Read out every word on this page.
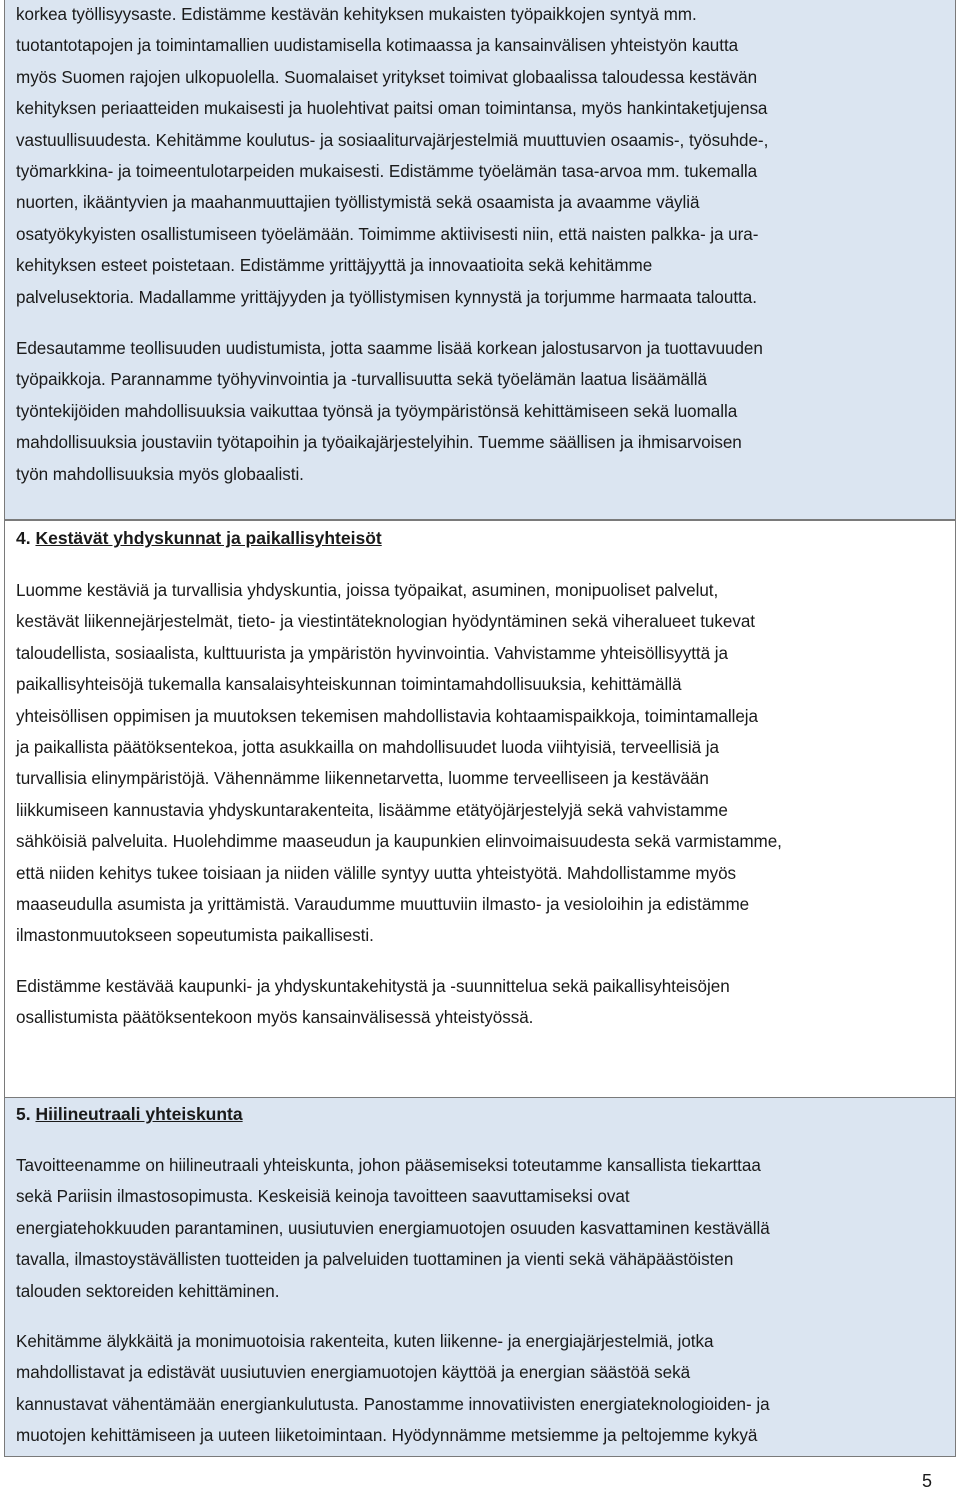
korkea työllisyysaste. Edistämme kestävän kehityksen mukaisten työpaikkojen syntyä mm.
tuotantotapojen ja toimintamallien uudistamisella kotimaassa ja kansainvälisen yhteistyön kautta
myös Suomen rajojen ulkopuolella. Suomalaiset yritykset toimivat globaalissa taloudessa kestävän
kehityksen periaatteiden mukaisesti ja huolehtivat paitsi oman toimintansa, myös hankintaketjujensa
vastuullisuudesta. Kehitämme koulutus- ja sosiaaliturvajärjestelmiä muuttuvien osaamis-, työsuhde-,
työmarkkina- ja toimeentulotarpeiden mukaisesti. Edistämme työelämän tasa-arvoa mm. tukemalla
nuorten, ikääntyvien ja maahanmuuttajien työllistymistä sekä osaamista ja avaamme väyliä
osatyökykyisten osallistumiseen työelämään. Toimimme aktiivisesti niin, että naisten palkka- ja ura-
kehityksen esteet poistetaan. Edistämme yrittäjyyttä ja innovaatioita sekä kehitämme
palvelusektoria. Madallamme yrittäjyyden ja työllistymisen kynnystä ja torjumme harmaata taloutta.

Edesautamme teollisuuden uudistumista, jotta saamme lisää korkean jalostusarvon ja tuottavuuden
työpaikkoja. Parannamme työhyvinvointia ja -turvallisuutta sekä työelämän laatua lisäämällä
työntekijöiden mahdollisuuksia vaikuttaa työnsä ja työympäristönsä kehittämiseen sekä luomalla
mahdollisuuksia joustaviin työtapoihin ja työaikajärjestelyihin. Tuemme säällisen ja ihmisarvoisen
työn mahdollisuuksia myös globaalisti.

4. Kestävät yhdyskunnat ja paikallisyhteisöt

Luomme kestäviä ja turvallisia yhdyskuntia, joissa työpaikat, asuminen, monipuoliset palvelut,
kestävät liikennejärjestelmät, tieto- ja viestintäteknologian hyödyntäminen sekä viheralueet tukevat
taloudellista, sosiaalista, kulttuurista ja ympäristön hyvinvointia. Vahvistamme yhteisöllisyyttä ja
paikallisyhteisöjä tukemalla kansalaisyhteiskunnan toimintamahdollisuuksia, kehittämällä
yhteisöllisen oppimisen ja muutoksen tekemisen mahdollistavia kohtaamispaikkoja, toimintamalleja
ja paikallista päätöksentekoa, jotta asukkailla on mahdollisuudet luoda viihtyisiä, terveellisiä ja
turvallisia elinympäristöjä. Vähennämme liikennetarvetta, luomme terveelliseen ja kestävään
liikkumiseen kannustavia yhdyskuntarakenteita, lisäämme etätyöjärjestelyjä sekä vahvistamme
sähköisiä palveluita. Huolehdimme maaseudun ja kaupunkien elinvoimaisuudesta sekä varmistamme,
että niiden kehitys tukee toisiaan ja niiden välille syntyy uutta yhteistyötä. Mahdollistamme myös
maaseudulla asumista ja yrittämistä. Varaudumme muuttuviin ilmasto- ja vesioloihin ja edistämme
ilmastonmuutokseen sopeutumista paikallisesti.

Edistämme kestävää kaupunki- ja yhdyskuntakehitystä ja -suunnittelua sekä paikallisyhteisöjen
osallistumista päätöksentekoon myös kansainvälisessä yhteistyössä.

5. Hiilineutraali yhteiskunta

Tavoitteenamme on hiilineutraali yhteiskunta, johon pääsemiseksi toteutamme kansallista tiekarttaa
sekä Pariisin ilmastosopimusta. Keskeisiä keinoja tavoitteen saavuttamiseksi ovat
energiatehokkuuden parantaminen, uusiutuvien energiamuotojen osuuden kasvattaminen kestävällä
tavalla, ilmastoystävällisten tuotteiden ja palveluiden tuottaminen ja vienti sekä vähäpäästöisten
talouden sektoreiden kehittäminen.

Kehitämme älykkäitä ja monimuotoisia rakenteita, kuten liikenne- ja energiajärjestelmiä, jotka
mahdollistavat ja edistävät uusiutuvien energiamuotojen käyttöä ja energian säästöä sekä
kannustavat vähentämään energiankulutusta. Panostamme innovatiivisten energiateknologioiden- ja
muotojen kehittämiseen ja uuteen liiketoimintaan. Hyödynnämme metsiemme ja peltojemme kykyä

5
